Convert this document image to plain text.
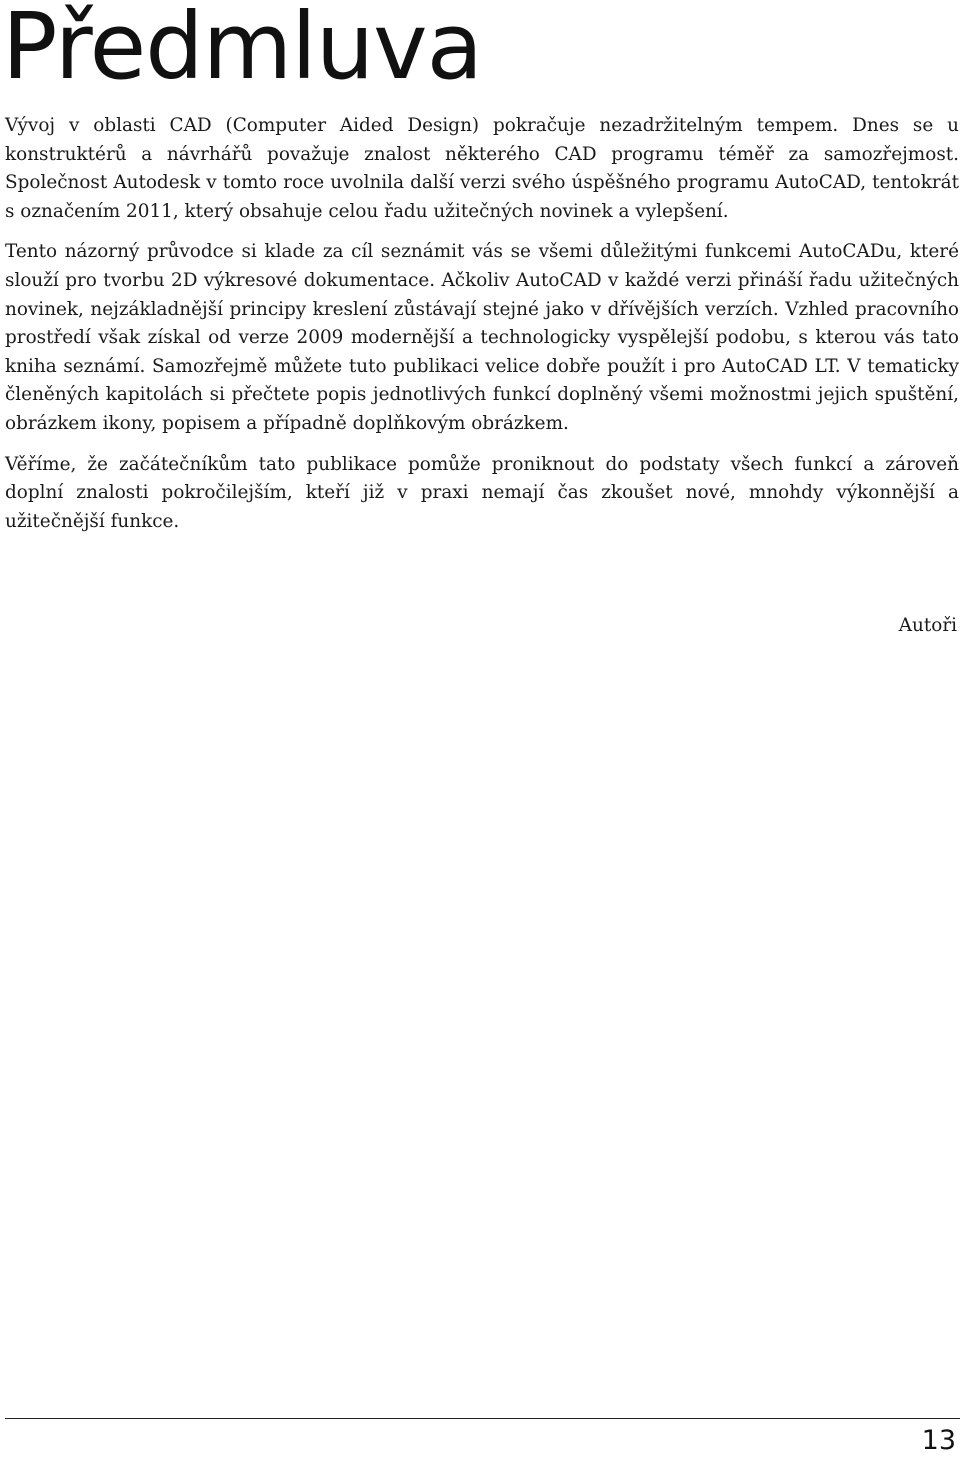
Předmluva

Vývoj v oblasti CAD (Computer Aided Design) pokračuje nezadržitelným tempem. Dnes se u konstruktérů a návrhářů považuje znalost některého CAD programu téměř za samozřejmost. Společnost Autodesk v tomto roce uvolnila další verzi svého úspěšného programu AutoCAD, tentokrát s označením 2011, který obsahuje celou řadu užitečných novinek a vylepšení.

Tento názorný průvodce si klade za cíl seznámit vás se všemi důležitými funkcemi AutoCADu, které slouží pro tvorbu 2D výkresové dokumentace. Ačkoliv AutoCAD v každé verzi přináší řadu užitečných novinek, nejzákladnější principy kreslení zůstávají stejné jako v dřívějších verzích. Vzhled pracovního prostředí však získal od verze 2009 modernější a technologicky vyspělejší podobu, s kterou vás tato kniha seznámí. Samozřejmě můžete tuto publikaci velice dobře použít i pro AutoCAD LT. V tematicky členěných kapitolách si přečtete popis jednotlivých funkcí doplněný všemi možnostmi jejich spuštění, obrázkem ikony, popisem a případně doplňkovým obrázkem.

Věříme, že začátečníkům tato publikace pomůže proniknout do podstaty všech funkcí a zároveň doplní znalosti pokročilejším, kteří již v praxi nemají čas zkoušet nové, mnohdy výkonnější a užitečnější funkce.

Autoři
13
